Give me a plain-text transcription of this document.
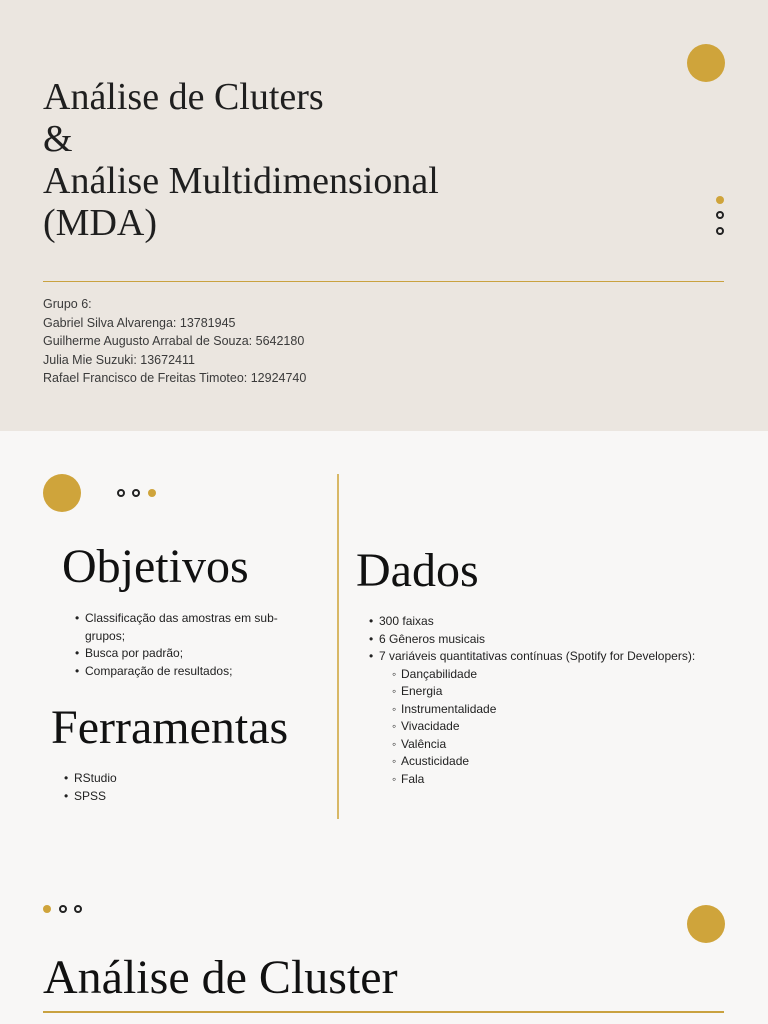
Análise de Cluters
&
Análise Multidimensional
(MDA)
Grupo 6:
Gabriel Silva Alvarenga: 13781945
Guilherme Augusto Arrabal de Souza: 5642180
Julia Mie Suzuki: 13672411
Rafael Francisco de Freitas Timoteo: 12924740
Objetivos
• Classificação das amostras em sub-grupos;
• Busca por padrão;
• Comparação de resultados;
Ferramentas
• RStudio
• SPSS
Dados
• 300 faixas
• 6 Gêneros musicais
• 7 variáveis quantitativas contínuas (Spotify for Developers):
◦ Dançabilidade
◦ Energia
◦ Instrumentalidade
◦ Vivacidade
◦ Valência
◦ Acusticidade
◦ Fala
Análise de Cluster
